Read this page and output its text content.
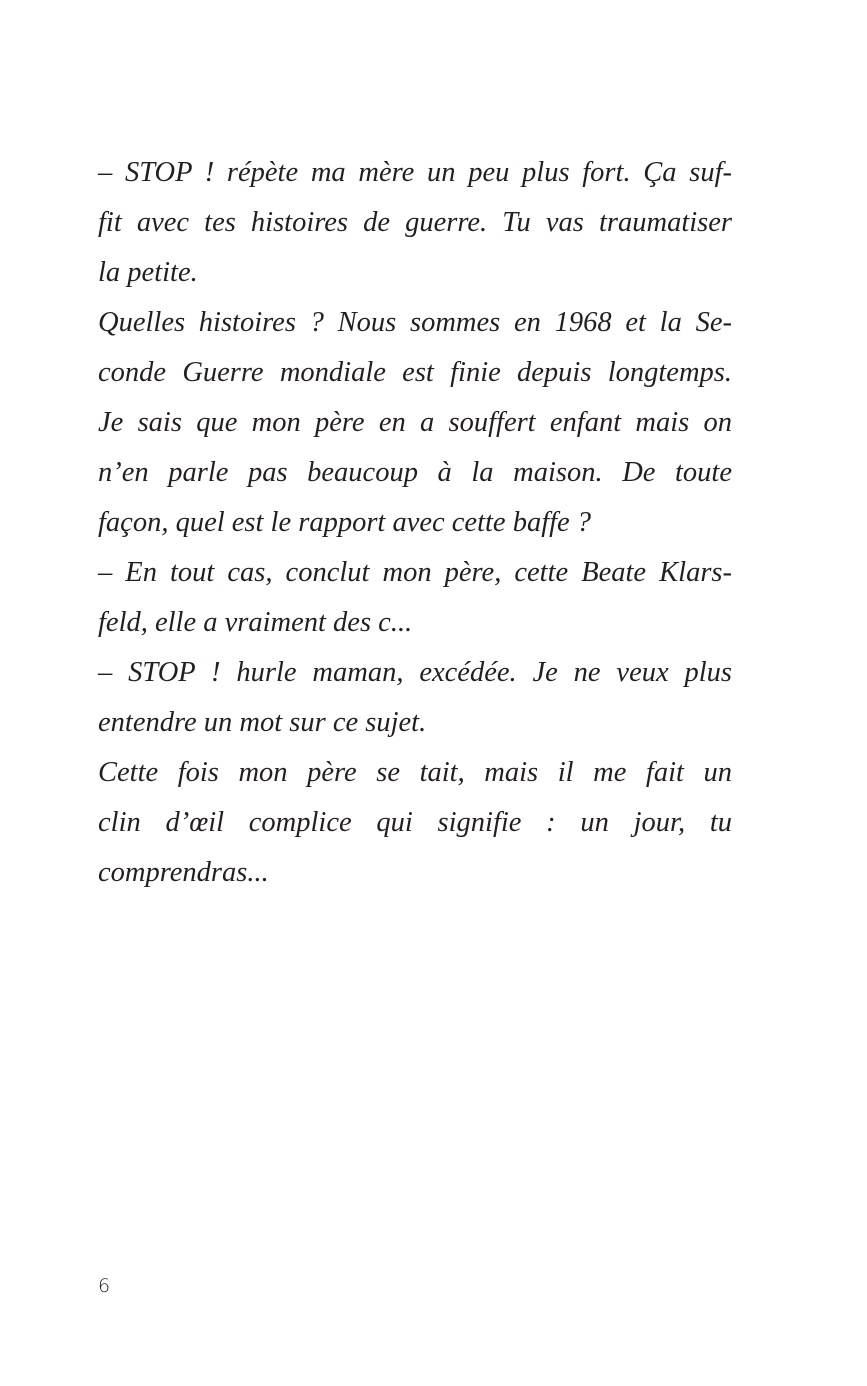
– STOP ! répète ma mère un peu plus fort. Ça suf-
fit avec tes histoires de guerre. Tu vas traumatiser
la petite.
Quelles histoires ? Nous sommes en 1968 et la Se-
conde Guerre mondiale est finie depuis longtemps.
Je sais que mon père en a souffert enfant mais on
n’en parle pas beaucoup à la maison. De toute
façon, quel est le rapport avec cette baffe ?
– En tout cas, conclut mon père, cette Beate Klars-
feld, elle a vraiment des c...
– STOP ! hurle maman, excédée. Je ne veux plus
entendre un mot sur ce sujet.
Cette fois mon père se tait, mais il me fait un
clin d’œil complice qui signifie : un jour, tu
comprendras...
6
